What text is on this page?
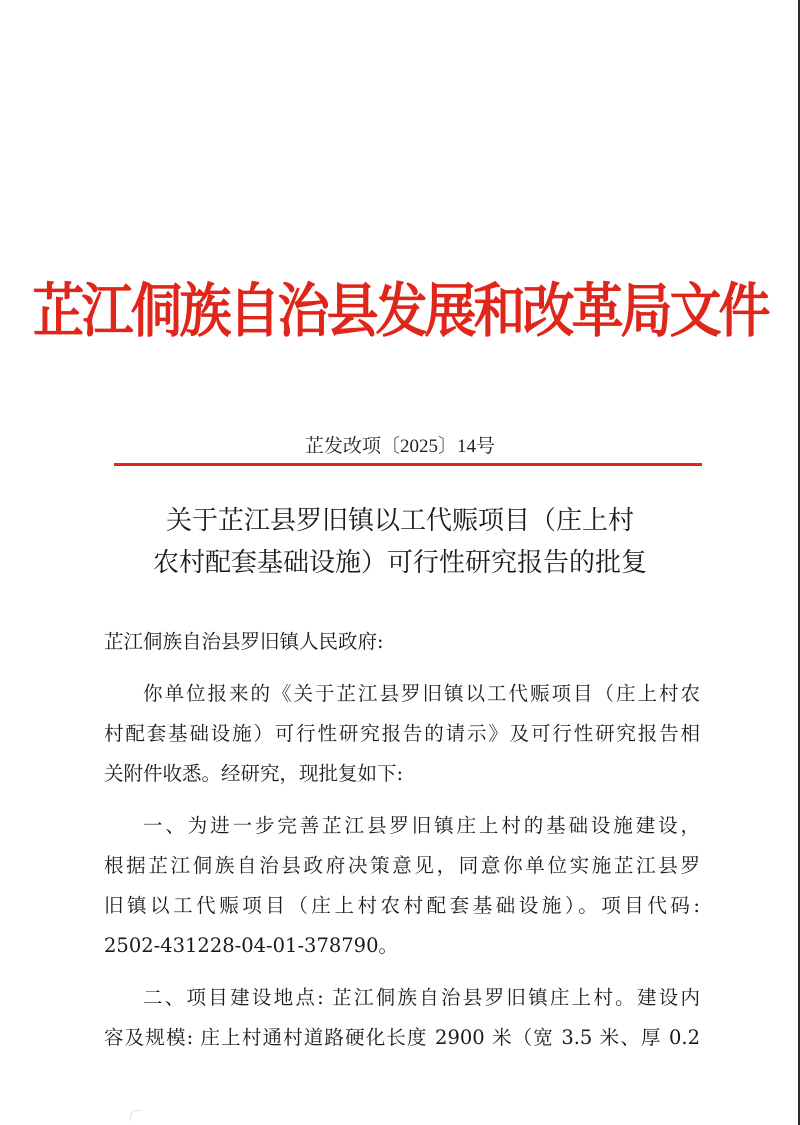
芷江侗族自治县发展和改革局文件
芷发改项〔2025〕14号
关于芷江县罗旧镇以工代赈项目（庄上村
农村配套基础设施）可行性研究报告的批复
芷江侗族自治县罗旧镇人民政府:
你单位报来的《关于芷江县罗旧镇以工代赈项目（庄上村农
村配套基础设施）可行性研究报告的请示》及可行性研究报告相
关附件收悉。经研究，现批复如下:
一、为进一步完善芷江县罗旧镇庄上村的基础设施建设，
根据芷江侗族自治县政府决策意见，同意你单位实施芷江县罗
旧镇以工代赈项目（庄上村农村配套基础设施）。项目代码:
2502-431228-04-01-378790。
二、项目建设地点: 芷江侗族自治县罗旧镇庄上村。建设内
容及规模: 庄上村通村道路硬化长度 2900 米（宽 3.5 米、厚 0.2
